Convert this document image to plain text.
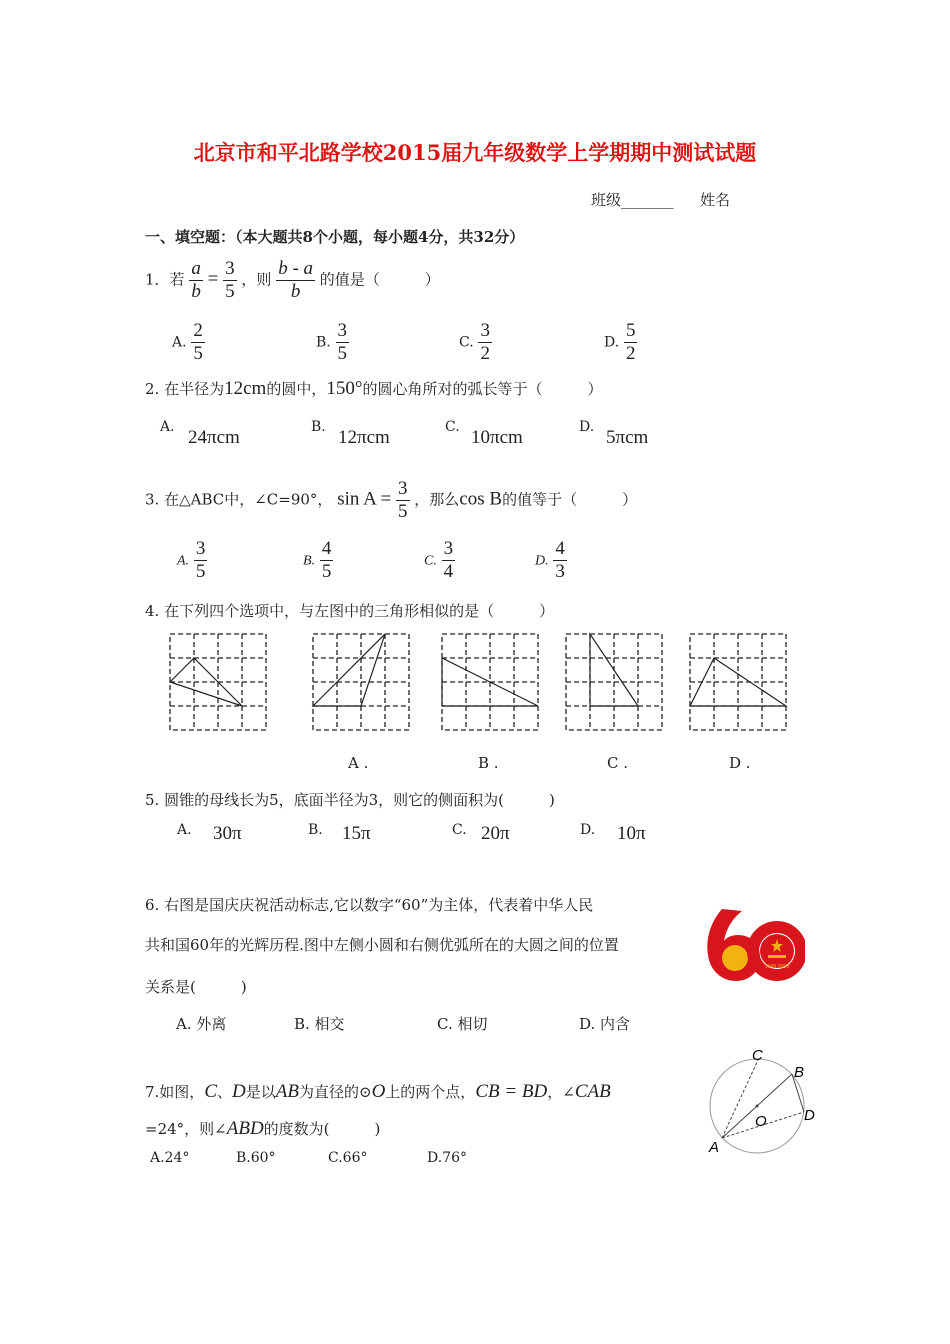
北京市和平北路学校2015届九年级数学上学期期中测试试题
班级_______ 姓名
一、填空题：（本大题共8个小题，每小题4分，共32分）
1．若 $\frac{a}{b} = \frac{3}{5}$ ，则 $\frac{b - a}{b}$ 的值是（　　　）
A. $\frac{2}{5}$	B. $\frac{3}{5}$	C. $\frac{3}{2}$	D. $\frac{5}{2}$
2. 在半径为12cm的圆中，150°的圆心角所对的弧长等于（　　　）
A. 24πcm	B. 12πcm	C. 10πcm	D. 5πcm
3. 在△ABC中，∠C=90°， $\sin A = \frac{3}{5}$ ，那么cos B的值等于（　　　）
A. $\frac{3}{5}$	B. $\frac{4}{5}$	C. $\frac{3}{4}$	D. $\frac{4}{3}$
4. 在下列四个选项中，与左图中的三角形相似的是（　　　）
A .	B .	C .	D .
5. 圆锥的母线长为5，底面半径为3，则它的侧面积为(　　　)
A. 30π	B. 15π	C. 20π	D. 10π
6. 右图是国庆庆祝活动标志,它以数字“60”为主体，代表着中华人民
共和国60年的光辉历程.图中左侧小圆和右侧优弧所在的大圆之间的位置
关系是(　　　)
A. 外离	B. 相交	C. 相切	D. 内含
1949-2009
7.如图，C、D是以AB为直径的⊙O上的两个点，CB = BD，∠CAB
=24°，则∠ABD的度数为(　　　)
A.24°	B.60°	C.66°	D.76°
C
B
D
O
A
